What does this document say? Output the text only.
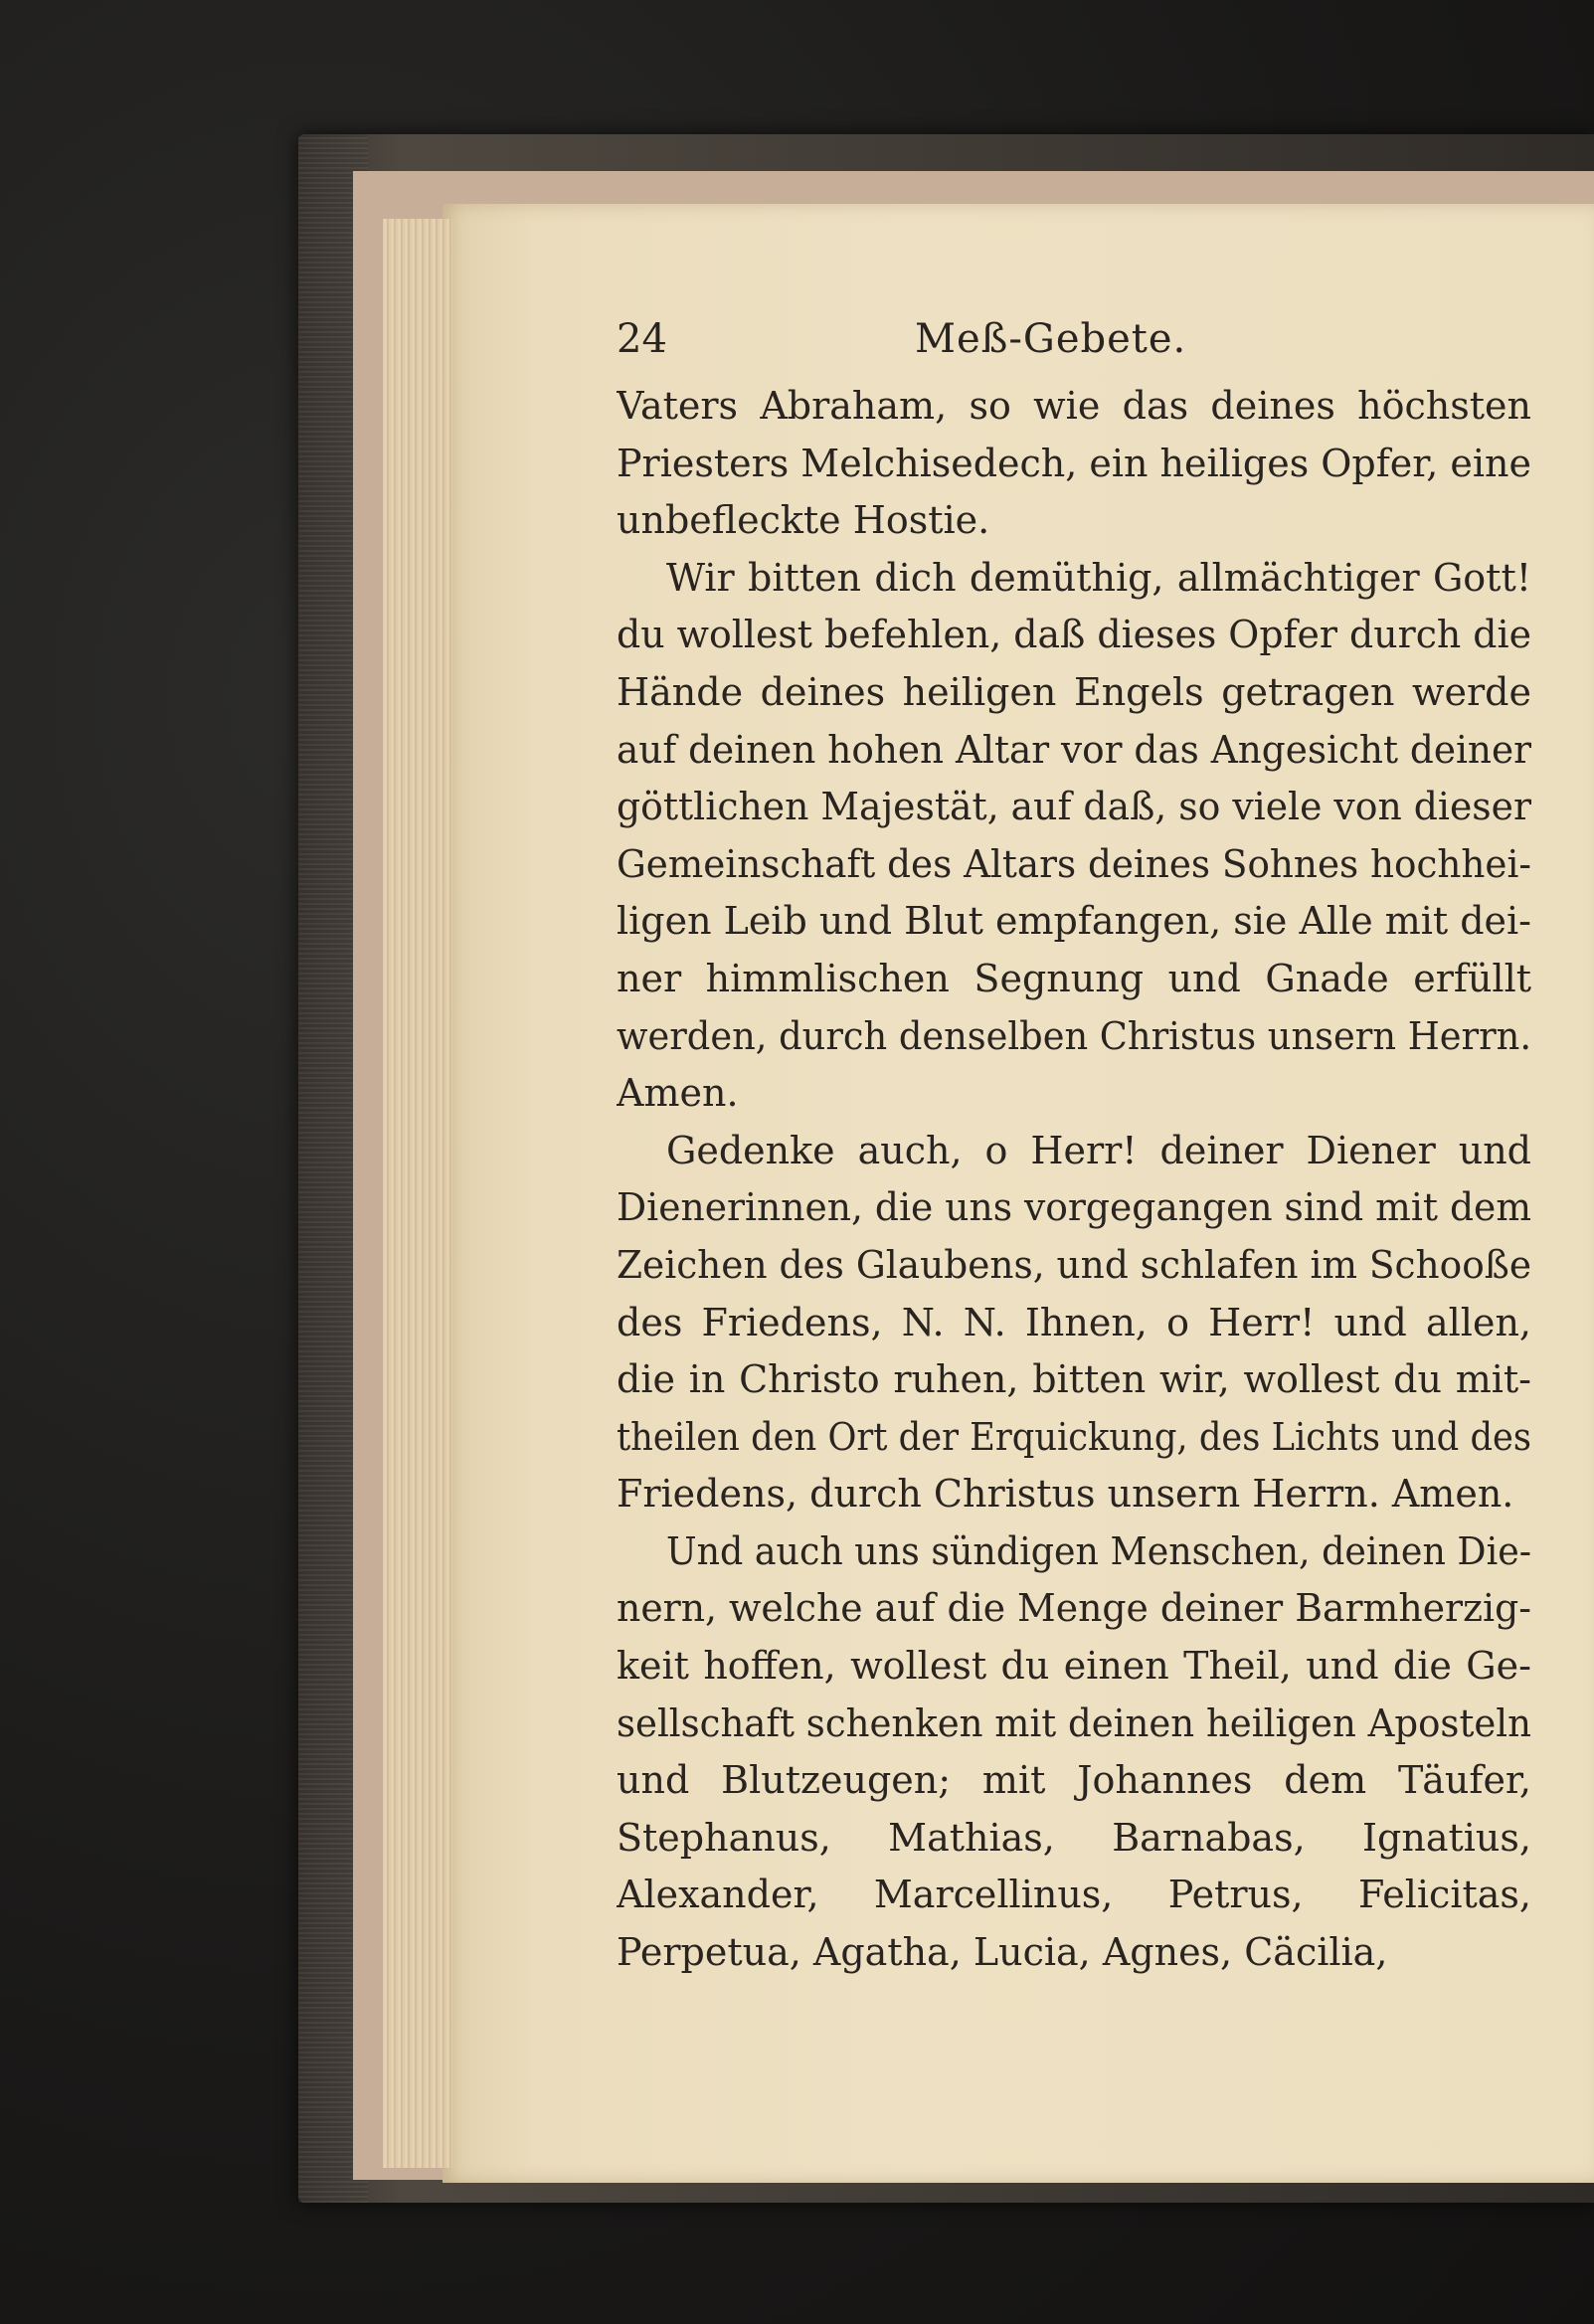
24	Meß-Gebete.
Vaters Abraham, so wie das deines höchsten
Priesters Melchisedech, ein heiliges Opfer, eine
unbefleckte Hostie.
Wir bitten dich demüthig, allmächtiger Gott!
du wollest befehlen, daß dieses Opfer durch die
Hände deines heiligen Engels getragen werde
auf deinen hohen Altar vor das Angesicht deiner
göttlichen Majestät, auf daß, so viele von dieser
Gemeinschaft des Altars deines Sohnes hochhei-
ligen Leib und Blut empfangen, sie Alle mit dei-
ner himmlischen Segnung und Gnade erfüllt
werden, durch denselben Christus unsern Herrn.
Amen.
Gedenke auch, o Herr! deiner Diener und
Dienerinnen, die uns vorgegangen sind mit dem
Zeichen des Glaubens, und schlafen im Schooße
des Friedens, N. N. Ihnen, o Herr! und allen,
die in Christo ruhen, bitten wir, wollest du mit-
theilen den Ort der Erquickung, des Lichts und des
Friedens, durch Christus unsern Herrn. Amen.
Und auch uns sündigen Menschen, deinen Die-
nern, welche auf die Menge deiner Barmherzig-
keit hoffen, wollest du einen Theil, und die Ge-
sellschaft schenken mit deinen heiligen Aposteln
und Blutzeugen; mit Johannes dem Täufer,
Stephanus, Mathias, Barnabas, Ignatius,
Alexander, Marcellinus, Petrus, Felicitas,
Perpetua, Agatha, Lucia, Agnes, Cäcilia,
